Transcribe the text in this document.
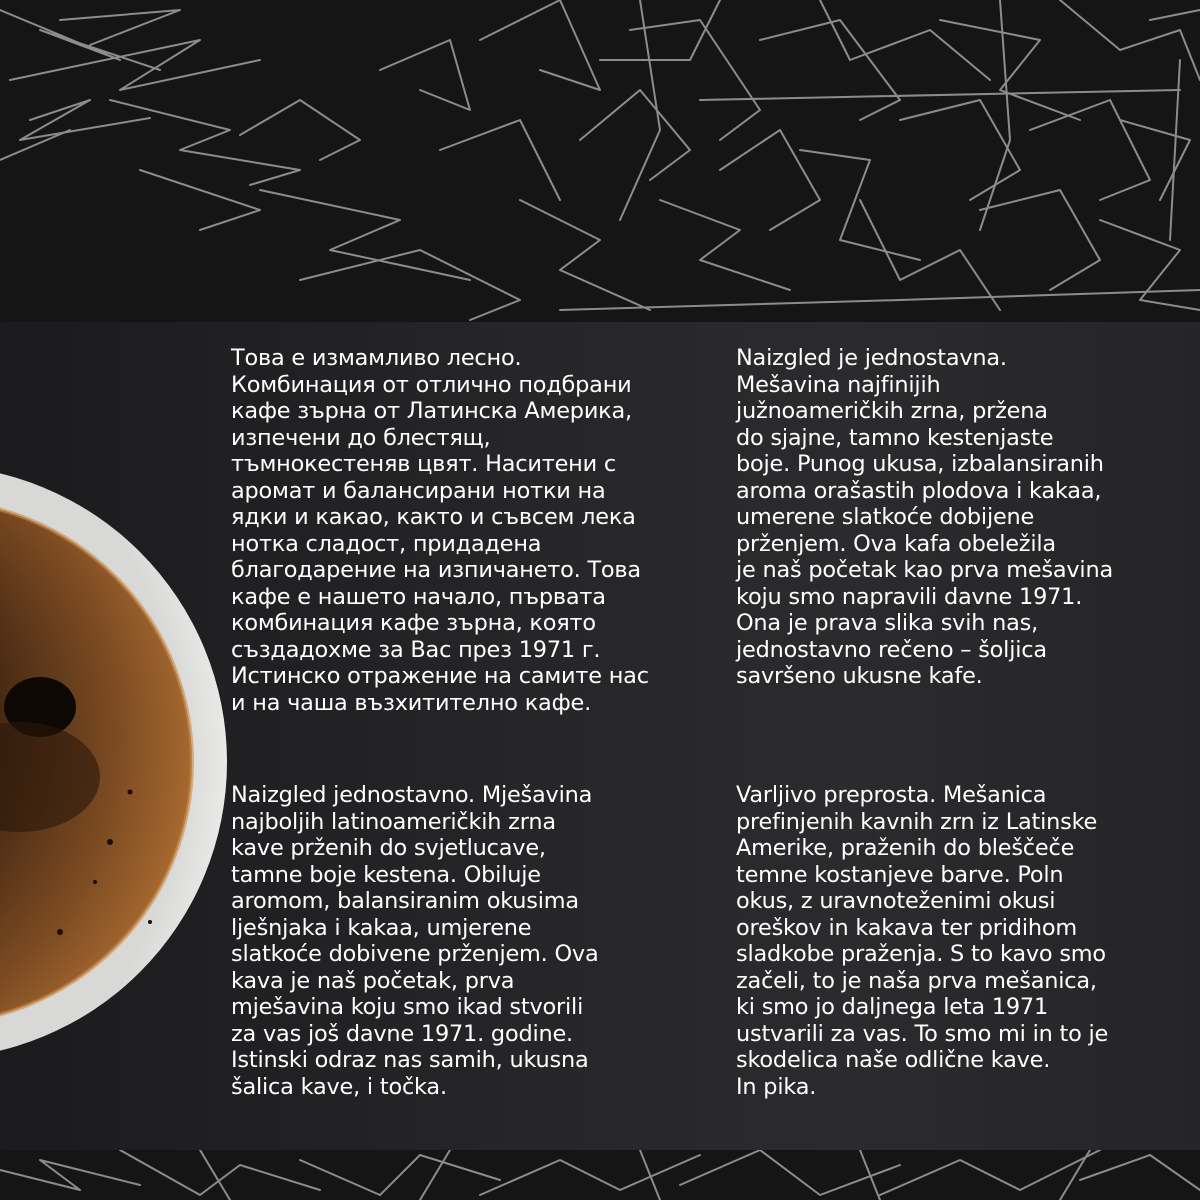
Това е измамливо лесно.
Комбинация от отлично подбрани
кафе зърна от Латинска Америка,
изпечени до блестящ,
тъмнокестеняв цвят. Наситени с
аромат и балансирани нотки на
ядки и какао, както и съвсем лека
нотка сладост, придадена
благодарение на изпичането. Това
кафе е нашето начало, първата
комбинация кафе зърна, която
създадохме за Вас през 1971 г.
Истинско отражение на самите нас
и на чаша възхитително кафе.

Naizgled je jednostavna.
Mešavina najfinijih
južnoameričkih zrna, pržena
do sjajne, tamno kestenjaste
boje. Punog ukusa, izbalansiranih
aroma orašastih plodova i kakaa,
umerene slatkoće dobijene
prženjem. Ova kafa obeležila
je naš početak kao prva mešavina
koju smo napravili davne 1971.
Ona je prava slika svih nas,
jednostavno rečeno – šoljica
savršeno ukusne kafe.

Naizgled jednostavno. Mješavina
najboljih latinoameričkih zrna
kave prženih do svjetlucave,
tamne boje kestena. Obiluje
aromom, balansiranim okusima
lješnjaka i kakaa, umjerene
slatkoće dobivene prženjem. Ova
kava je naš početak, prva
mješavina koju smo ikad stvorili
za vas još davne 1971. godine.
Istinski odraz nas samih, ukusna
šalica kave, i točka.

Varljivo preprosta. Mešanica
prefinjenih kavnih zrn iz Latinske
Amerike, praženih do bleščeče
temne kostanjeve barve. Poln
okus, z uravnoteženimi okusi
oreškov in kakava ter pridihom
sladkobe praženja. S to kavo smo
začeli, to je naša prva mešanica,
ki smo jo daljnega leta 1971
ustvarili za vas. To smo mi in to je
skodelica naše odlične kave.
In pika.
